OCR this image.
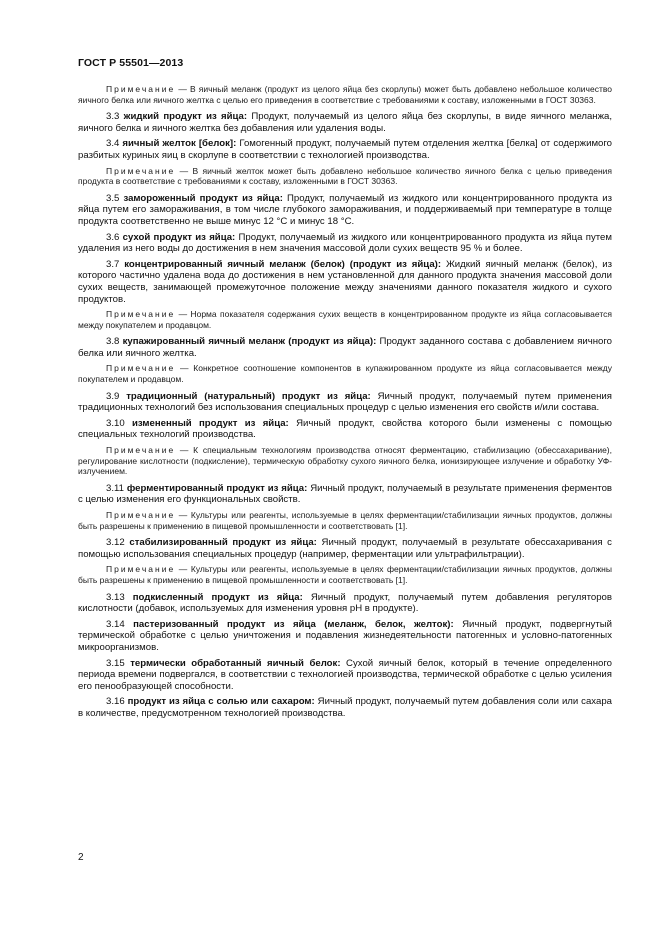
ГОСТ Р 55501—2013
Примечание — В яичный меланж (продукт из целого яйца без скорлупы) может быть добавлено небольшое количество яичного белка или яичного желтка с целью его приведения в соответствие с требованиями к составу, изложенными в ГОСТ 30363.
3.3 жидкий продукт из яйца: Продукт, получаемый из целого яйца без скорлупы, в виде яичного меланжа, яичного белка и яичного желтка без добавления или удаления воды.
3.4 яичный желток [белок]: Гомогенный продукт, получаемый путем отделения желтка [белка] от содержимого разбитых куриных яиц в скорлупе в соответствии с технологией производства.
Примечание — В яичный желток может быть добавлено небольшое количество яичного белка с целью приведения продукта в соответствие с требованиями к составу, изложенными в ГОСТ 30363.
3.5 замороженный продукт из яйца: Продукт, получаемый из жидкого или концентрированного продукта из яйца путем его замораживания, в том числе глубокого замораживания, и поддерживаемый при температуре в толще продукта соответственно не выше минус 12 °С и минус 18 °С.
3.6 сухой продукт из яйца: Продукт, получаемый из жидкого или концентрированного продукта из яйца путем удаления из него воды до достижения в нем значения массовой доли сухих веществ 95 % и более.
3.7 концентрированный яичный меланж (белок) (продукт из яйца): Жидкий яичный меланж (белок), из которого частично удалена вода до достижения в нем установленной для данного продукта значения массовой доли сухих веществ, занимающей промежуточное положение между значениями данного показателя жидкого и сухого продуктов.
Примечание — Норма показателя содержания сухих веществ в концентрированном продукте из яйца согласовывается между покупателем и продавцом.
3.8 купажированный яичный меланж (продукт из яйца): Продукт заданного состава с добавлением яичного белка или яичного желтка.
Примечание — Конкретное соотношение компонентов в купажированном продукте из яйца согласовывается между покупателем и продавцом.
3.9 традиционный (натуральный) продукт из яйца: Яичный продукт, получаемый путем применения традиционных технологий без использования специальных процедур с целью изменения его свойств и/или состава.
3.10 измененный продукт из яйца: Яичный продукт, свойства которого были изменены с помощью специальных технологий производства.
Примечание — К специальным технологиям производства относят ферментацию, стабилизацию (обессахаривание), регулирование кислотности (подкисление), термическую обработку сухого яичного белка, ионизирующее излучение и обработку УФ-излучением.
3.11 ферментированный продукт из яйца: Яичный продукт, получаемый в результате применения ферментов с целью изменения его функциональных свойств.
Примечание — Культуры или реагенты, используемые в целях ферментации/стабилизации яичных продуктов, должны быть разрешены к применению в пищевой промышленности и соответствовать [1].
3.12 стабилизированный продукт из яйца: Яичный продукт, получаемый в результате обессахаривания с помощью использования специальных процедур (например, ферментации или ультрафильтрации).
Примечание — Культуры или реагенты, используемые в целях ферментации/стабилизации яичных продуктов, должны быть разрешены к применению в пищевой промышленности и соответствовать [1].
3.13 подкисленный продукт из яйца: Яичный продукт, получаемый путем добавления регуляторов кислотности (добавок, используемых для изменения уровня pH в продукте).
3.14 пастеризованный продукт из яйца (меланж, белок, желток): Яичный продукт, подвергнутый термической обработке с целью уничтожения и подавления жизнедеятельности патогенных и условно-патогенных микроорганизмов.
3.15 термически обработанный яичный белок: Сухой яичный белок, который в течение определенного периода времени подвергался, в соответствии с технологией производства, термической обработке с целью усиления его пенообразующей способности.
3.16 продукт из яйца с солью или сахаром: Яичный продукт, получаемый путем добавления соли или сахара в количестве, предусмотренном технологией производства.
2
